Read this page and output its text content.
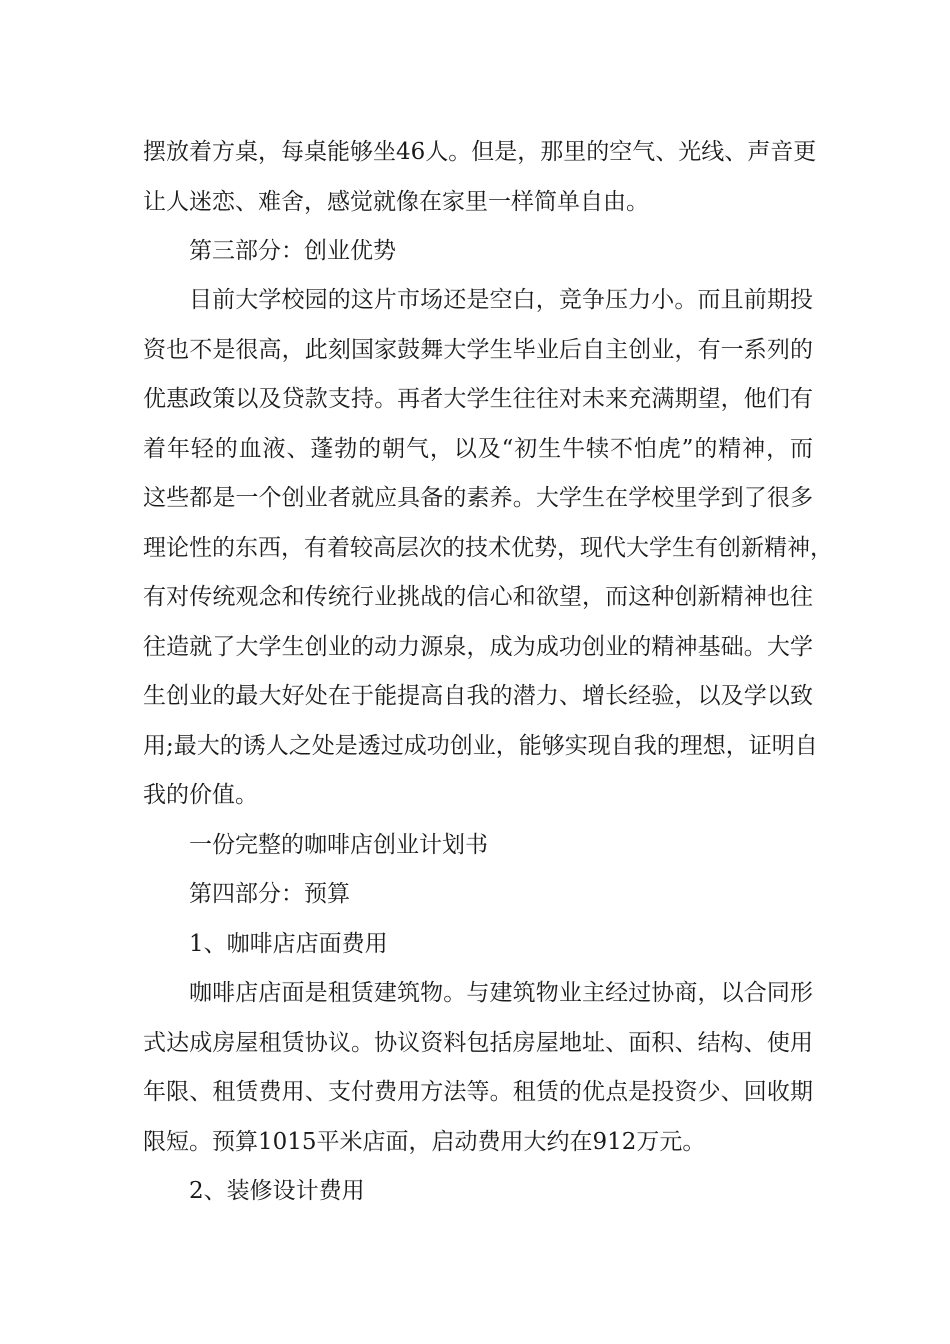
摆放着方桌，每桌能够坐46人。但是，那里的空气、光线、声音更
让人迷恋、难舍，感觉就像在家里一样简单自由。
第三部分：创业优势
目前大学校园的这片市场还是空白，竞争压力小。而且前期投
资也不是很高，此刻国家鼓舞大学生毕业后自主创业，有一系列的
优惠政策以及贷款支持。再者大学生往往对未来充满期望，他们有
着年轻的血液、蓬勃的朝气，以及“初生牛犊不怕虎”的精神，而
这些都是一个创业者就应具备的素养。大学生在学校里学到了很多
理论性的东西，有着较高层次的技术优势，现代大学生有创新精神，
有对传统观念和传统行业挑战的信心和欲望，而这种创新精神也往
往造就了大学生创业的动力源泉，成为成功创业的精神基础。大学
生创业的最大好处在于能提高自我的潜力、增长经验，以及学以致
用;最大的诱人之处是透过成功创业，能够实现自我的理想，证明自
我的价值。
一份完整的咖啡店创业计划书
第四部分：预算
1、咖啡店店面费用
咖啡店店面是租赁建筑物。与建筑物业主经过协商，以合同形
式达成房屋租赁协议。协议资料包括房屋地址、面积、结构、使用
年限、租赁费用、支付费用方法等。租赁的优点是投资少、回收期
限短。预算1015平米店面，启动费用大约在912万元。
2、装修设计费用
